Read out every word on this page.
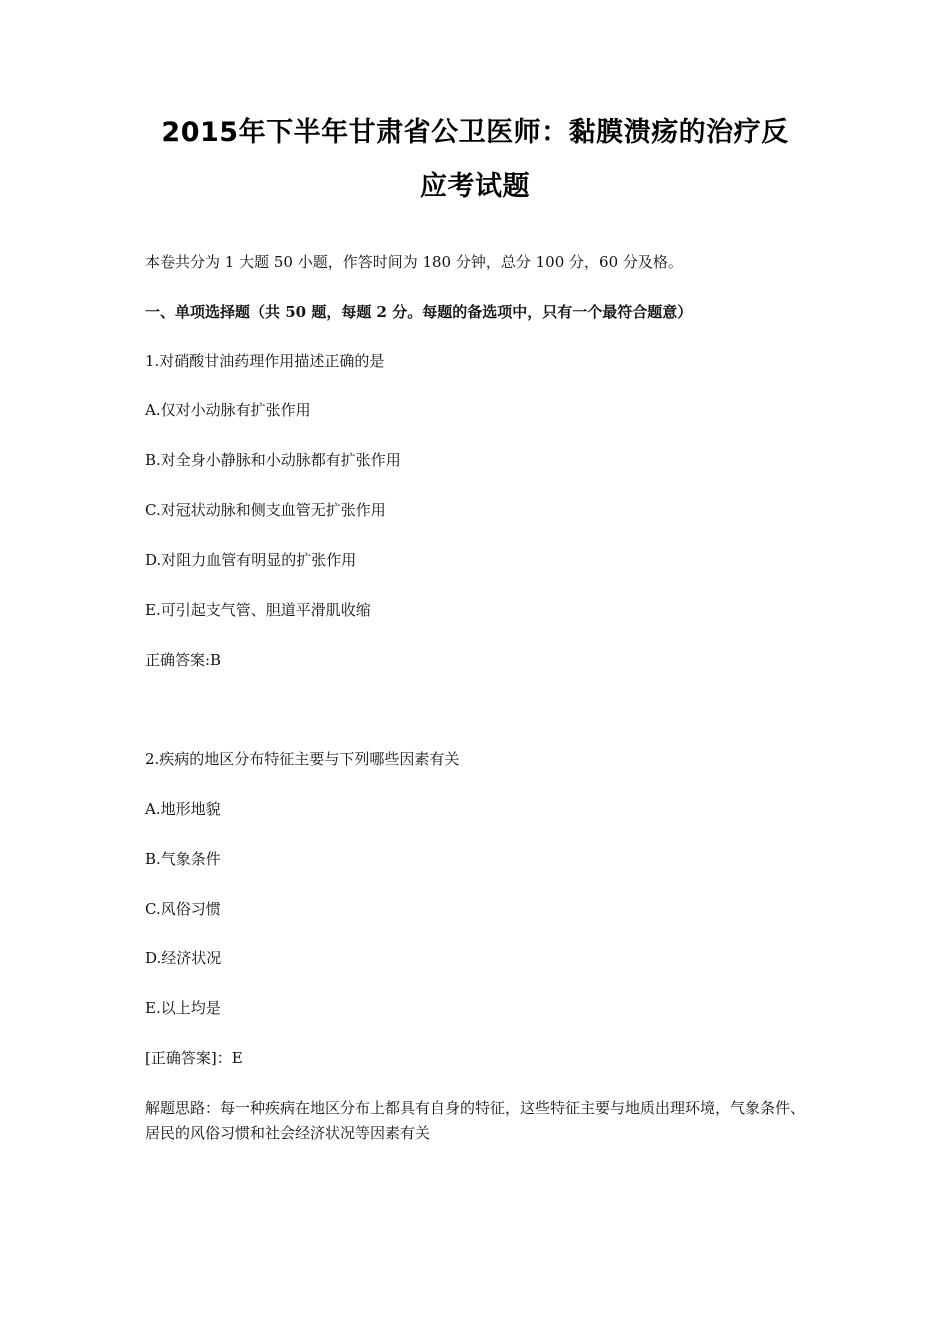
2015年下半年甘肃省公卫医师：黏膜溃疡的治疗反
应考试题
本卷共分为 1 大题 50 小题，作答时间为 180 分钟，总分 100 分，60 分及格。
一、单项选择题（共 50 题，每题 2 分。每题的备选项中，只有一个最符合题意）
1.对硝酸甘油药理作用描述正确的是
A.仅对小动脉有扩张作用
B.对全身小静脉和小动脉都有扩张作用
C.对冠状动脉和侧支血管无扩张作用
D.对阻力血管有明显的扩张作用
E.可引起支气管、胆道平滑肌收缩
正确答案:B
2.疾病的地区分布特征主要与下列哪些因素有关
A.地形地貌
B.气象条件
C.风俗习惯
D.经济状况
E.以上均是
[正确答案]：E
解题思路：每一种疾病在地区分布上都具有自身的特征，这些特征主要与地质出理环境，气象条件、居民的风俗习惯和社会经济状况等因素有关
